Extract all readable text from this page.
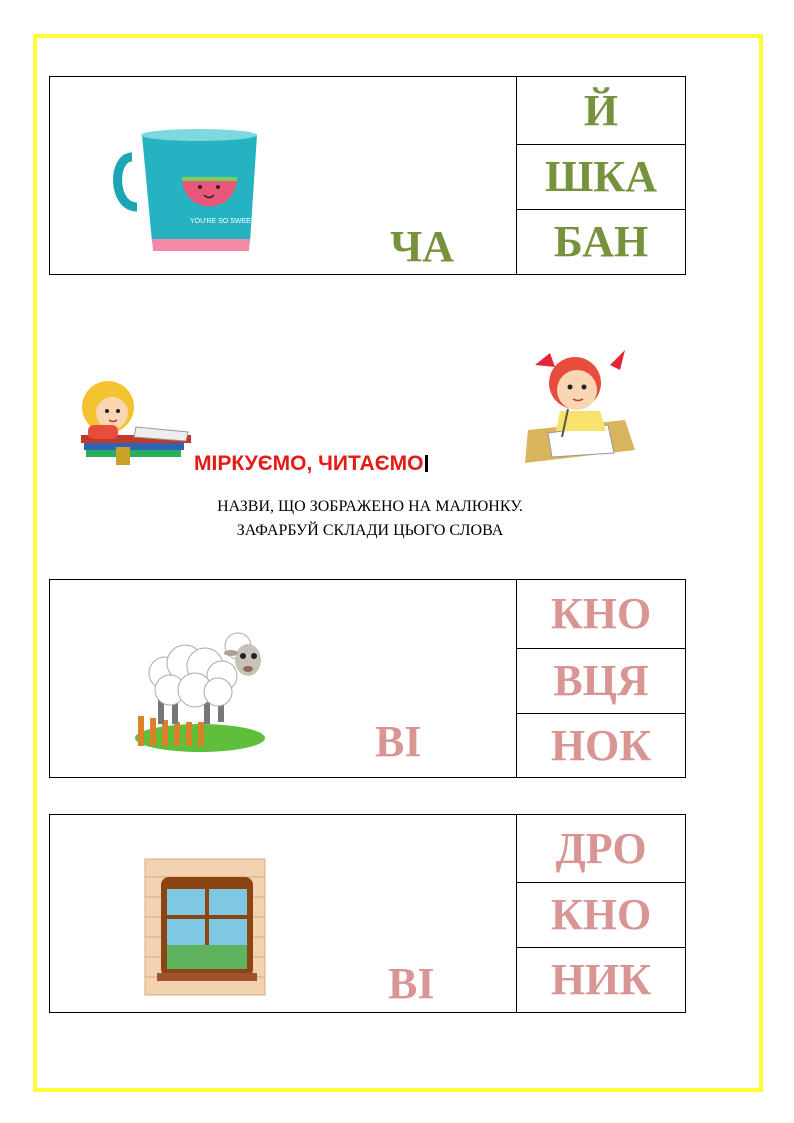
YOU'RE SO SWEET
ЧА
Й
ШКА
БАН
МІРКУЄМО, ЧИТАЄМО
НАЗВИ, ЩО ЗОБРАЖЕНО НА МАЛЮНКУ.
ЗАФАРБУЙ СКЛАДИ ЦЬОГО СЛОВА
ВІ
КНО
ВЦЯ
НОК
ВІ
ДРО
КНО
НИК
